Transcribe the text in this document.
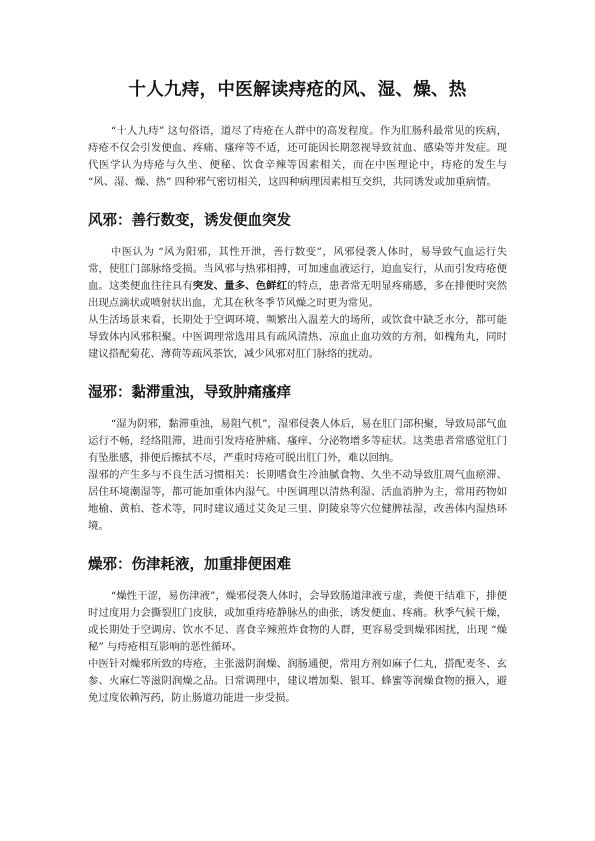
十人九痔，中医解读痔疮的风、湿、燥、热

“十人九痔” 这句俗语，道尽了痔疮在人群中的高发程度。作为肛肠科最常见的疾病，痔疮不仅会引发便血、疼痛、瘙痒等不适，还可能因长期忽视导致贫血、感染等并发症。现代医学认为痔疮与久坐、便秘、饮食辛辣等因素相关，而在中医理论中，痔疮的发生与 “风、湿、燥、热” 四种邪气密切相关，这四种病理因素相互交织，共同诱发或加重病情。

风邪：善行数变，诱发便血突发

中医认为 “风为阳邪，其性开泄，善行数变”，风邪侵袭人体时，易导致气血运行失常，使肛门部脉络受损。当风邪与热邪相搏，可加速血液运行，迫血妄行，从而引发痔疮便血。这类便血往往具有突发、量多、色鲜红的特点，患者常无明显疼痛感，多在排便时突然出现点滴状或喷射状出血，尤其在秋冬季节风燥之时更为常见。

从生活场景来看，长期处于空调环境、频繁出入温差大的场所，或饮食中缺乏水分，都可能导致体内风邪积聚。中医调理常选用具有疏风清热、凉血止血功效的方剂，如槐角丸，同时建议搭配菊花、薄荷等疏风茶饮，减少风邪对肛门脉络的扰动。

湿邪：黏滞重浊，导致肿痛瘙痒

“湿为阴邪，黏滞重浊，易阻气机”，湿邪侵袭人体后，易在肛门部积聚，导致局部气血运行不畅，经络阻滞，进而引发痔疮肿痛、瘙痒、分泌物增多等症状。这类患者常感觉肛门有坠胀感，排便后擦拭不尽，严重时痔疮可脱出肛门外，难以回纳。

湿邪的产生多与不良生活习惯相关：长期嗜食生冷油腻食物、久坐不动导致肛周气血瘀滞、居住环境潮湿等，都可能加重体内湿气。中医调理以清热利湿、活血消肿为主，常用药物如地榆、黄柏、苍术等，同时建议通过艾灸足三里、阴陵泉等穴位健脾祛湿，改善体内湿热环境。

燥邪：伤津耗液，加重排便困难

“燥性干涩，易伤津液”，燥邪侵袭人体时，会导致肠道津液亏虚，粪便干结难下，排便时过度用力会撕裂肛门皮肤，或加重痔疮静脉丛的曲张，诱发便血、疼痛。秋季气候干燥，或长期处于空调房、饮水不足、喜食辛辣煎炸食物的人群，更容易受到燥邪困扰，出现 “燥秘” 与痔疮相互影响的恶性循环。

中医针对燥邪所致的痔疮，主张滋阴润燥、润肠通便，常用方剂如麻子仁丸，搭配麦冬、玄参、火麻仁等滋阴润燥之品。日常调理中，建议增加梨、银耳、蜂蜜等润燥食物的摄入，避免过度依赖泻药，防止肠道功能进一步受损。
